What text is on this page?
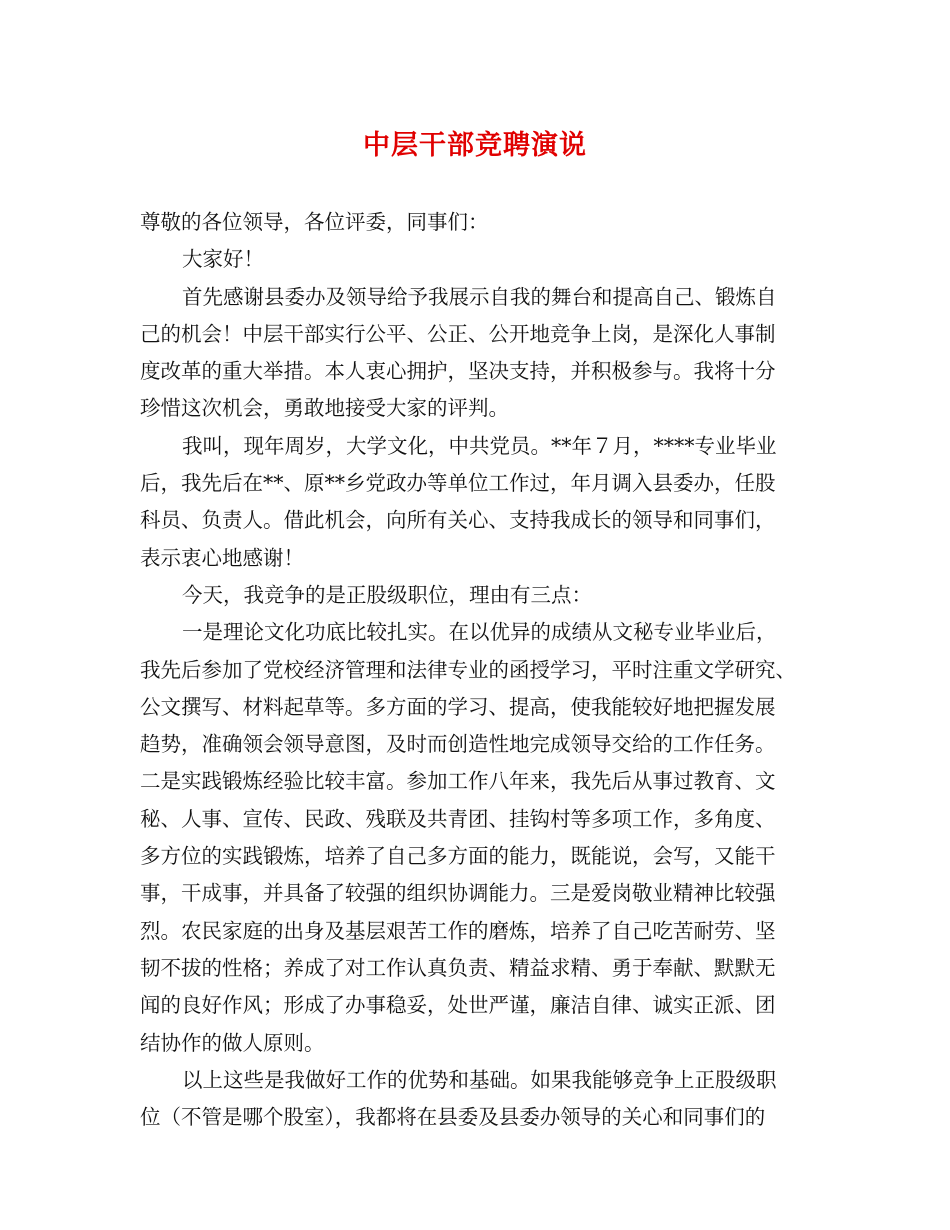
中层干部竞聘演说
尊敬的各位领导，各位评委，同事们：
大家好！
首先感谢县委办及领导给予我展示自我的舞台和提高自己、锻炼自
己的机会！中层干部实行公平、公正、公开地竞争上岗，是深化人事制
度改革的重大举措。本人衷心拥护，坚决支持，并积极参与。我将十分
珍惜这次机会，勇敢地接受大家的评判。
我叫，现年周岁，大学文化，中共党员。**年７月，****专业毕业
后，我先后在**、原**乡党政办等单位工作过，年月调入县委办，任股
科员、负责人。借此机会，向所有关心、支持我成长的领导和同事们，
表示衷心地感谢！
今天，我竞争的是正股级职位，理由有三点：
一是理论文化功底比较扎实。在以优异的成绩从文秘专业毕业后，
我先后参加了党校经济管理和法律专业的函授学习，平时注重文学研究、
公文撰写、材料起草等。多方面的学习、提高，使我能较好地把握发展
趋势，准确领会领导意图，及时而创造性地完成领导交给的工作任务。
二是实践锻炼经验比较丰富。参加工作八年来，我先后从事过教育、文
秘、人事、宣传、民政、残联及共青团、挂钩村等多项工作，多角度、
多方位的实践锻炼，培养了自己多方面的能力，既能说，会写，又能干
事，干成事，并具备了较强的组织协调能力。三是爱岗敬业精神比较强
烈。农民家庭的出身及基层艰苦工作的磨炼，培养了自己吃苦耐劳、坚
韧不拔的性格；养成了对工作认真负责、精益求精、勇于奉献、默默无
闻的良好作风；形成了办事稳妥，处世严谨，廉洁自律、诚实正派、团
结协作的做人原则。
以上这些是我做好工作的优势和基础。如果我能够竞争上正股级职
位（不管是哪个股室），我都将在县委及县委办领导的关心和同事们的
